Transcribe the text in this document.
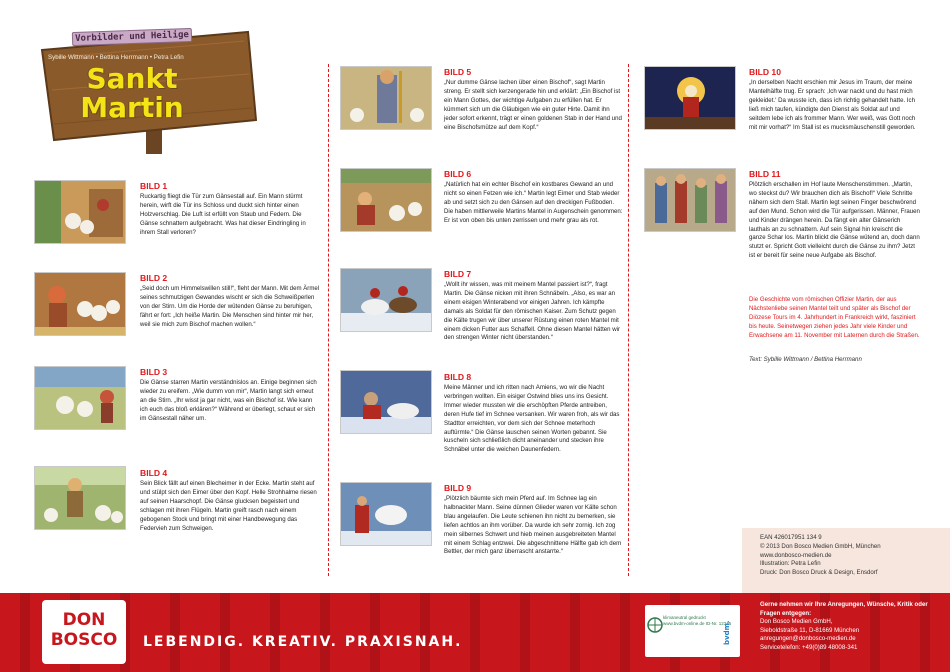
Vorbilder und Heilige
Sybille Wittmann • Bettina Herrmann • Petra Lefin
Sankt
Martin
BILD 1

Ruckartig fliegt die Tür zum Gänsestall auf. Ein Mann stürmt herein, wirft die Tür ins Schloss und duckt sich hinter einen Holzverschlag. Die Luft ist erfüllt von Staub und Federn. Die Gänse schnattern aufgebracht. Was hat dieser Eindringling in ihrem Stall verloren?

BILD 2

„Seid doch um Himmelswillen still!“, fleht der Mann. Mit dem Ärmel seines schmutzigen Gewandes wischt er sich die Schweißperlen von der Stirn. Um die Horde der wütenden Gänse zu beruhigen, fährt er fort: „Ich heiße Martin. Die Menschen sind hinter mir her, weil sie mich zum Bischof machen wollen.“

BILD 3

Die Gänse starren Martin verständnislos an. Einige beginnen sich wieder zu ereifern. „Wie dumm von mir“, Martin langt sich erneut an die Stirn. „Ihr wisst ja gar nicht, was ein Bischof ist. Wie kann ich euch das bloß erklären?“ Während er überlegt, schaut er sich im Gänsestall näher um.

BILD 4

Sein Blick fällt auf einen Blecheimer in der Ecke. Martin steht auf und stülpt sich den Eimer über den Kopf. Helle Strohhalme riesen auf seinen Haarschopf. Die Gänse glucksen begeistert und schlagen mit ihren Flügeln. Martin greift rasch nach einem gebogenen Stock und bringt mit einer Handbewegung das Federvieh zum Schweigen.

BILD 5

„Nur dumme Gänse lachen über einen Bischof“, sagt Martin streng. Er stellt sich kerzengerade hin und erklärt: „Ein Bischof ist ein Mann Gottes, der wichtige Aufgaben zu erfüllen hat. Er kümmert sich um die Gläubigen wie ein guter Hirte. Damit ihn jeder sofort erkennt, trägt er einen goldenen Stab in der Hand und eine Bischofsmütze auf dem Kopf.“

BILD 6

„Natürlich hat ein echter Bischof ein kostbares Gewand an und nicht so einen Fetzen wie ich.“ Martin legt Eimer und Stab wieder ab und setzt sich zu den Gänsen auf den dreckigen Fußboden. Die haben mittlerweile Martins Mantel in Augenschein genommen: Er ist von oben bis unten zerrissen und mehr grau als rot.

BILD 7

„Wollt ihr wissen, was mit meinem Mantel passiert ist?“, fragt Martin. Die Gänse nicken mit ihren Schnäbeln. „Also, es war an einem eisigen Winterabend vor einigen Jahren. Ich kämpfte damals als Soldat für den römischen Kaiser. Zum Schutz gegen die Kälte trugen wir über unserer Rüstung einen roten Mantel mit einem dicken Futter aus Schaffell. Ohne diesen Mantel hätten wir den strengen Winter nicht überstanden.“

BILD 8

Meine Männer und ich ritten nach Amiens, wo wir die Nacht verbringen wollten. Ein eisiger Ostwind blies uns ins Gesicht. Immer wieder mussten wir die erschöpften Pferde antreiben, deren Hufe tief im Schnee versanken. Wir waren froh, als wir das Stadttor erreichten, vor dem sich der Schnee meterhoch auftürmte.“ Die Gänse lauschen seinen Worten gebannt. Sie kuscheln sich schließlich dicht aneinander und stecken ihre Schnäbel unter die weichen Daunenfedern.

BILD 9

„Plötzlich bäumte sich mein Pferd auf. Im Schnee lag ein halbnackter Mann. Seine dünnen Glieder waren vor Kälte schon blau angelaufen. Die Leute schienen ihn nicht zu bemerken, sie liefen achtlos an ihm vorüber. Da wurde ich sehr zornig. Ich zog mein silbernes Schwert und hieb meinen ausgebreiteten Mantel mit einem Schlag entzwei. Die abgeschnittene Hälfte gab ich dem Bettler, der mich ganz überrascht anstarrte.“

BILD 10

„In derselben Nacht erschien mir Jesus im Traum, der meine Mantelhälfte trug. Er sprach: ‚Ich war nackt und du hast mich gekleidet.‘ Da wusste ich, dass ich richtig gehandelt hatte. Ich ließ mich taufen, kündigte den Dienst als Soldat auf und seitdem lebe ich als frommer Mann. Wer weiß, was Gott noch mit mir vorhat?“ Im Stall ist es mucksmäuschenstill geworden.

BILD 11

Plötzlich erschallen im Hof laute Menschenstimmen. „Martin, wo steckst du? Wir brauchen dich als Bischof!“ Viele Schritte nähern sich dem Stall. Martin legt seinen Finger beschwörend auf den Mund. Schon wird die Tür aufgerissen. Männer, Frauen und Kinder drängen herein. Da fängt ein alter Gänserich lauthals an zu schnattern. Auf sein Signal hin kreischt die ganze Schar los. Martin blickt die Gänse wütend an, doch dann stutzt er. Spricht Gott vielleicht durch die Gänse zu ihm? Jetzt ist er bereit für seine neue Aufgabe als Bischof.

Die Geschichte vom römischen Offizier Martin, der aus Nächstenliebe seinen Mantel teilt und später als Bischof der Diözese Tours im 4. Jahrhundert in Frankreich wirkt, fasziniert bis heute. Seinetwegen ziehen jedes Jahr viele Kinder und Erwachsene am 11. November mit Laternen durch die Straßen.
Text: Sybille Wittmann / Bettina Herrmann
EAN 426017951 134 9
© 2013 Don Bosco Medien GmbH, München
www.donbosco-medien.de
Illustration: Petra Lefin
Druck: Don Bosco Druck & Design, Ensdorf
DON
BOSCO	LEBENDIG. KREATIV. PRAXISNAH.
klimaneutral gedruckt
www.bvdm-online.de ID-Nr. 12345
bvdm.
Gerne nehmen wir Ihre Anregungen, Wünsche, Kritik oder Fragen entgegen:
Don Bosco Medien GmbH,
Sieboldstraße 11, D-81669 München
anregungen@donbosco-medien.de
Servicetelefon: +49(0)89 48008-341
